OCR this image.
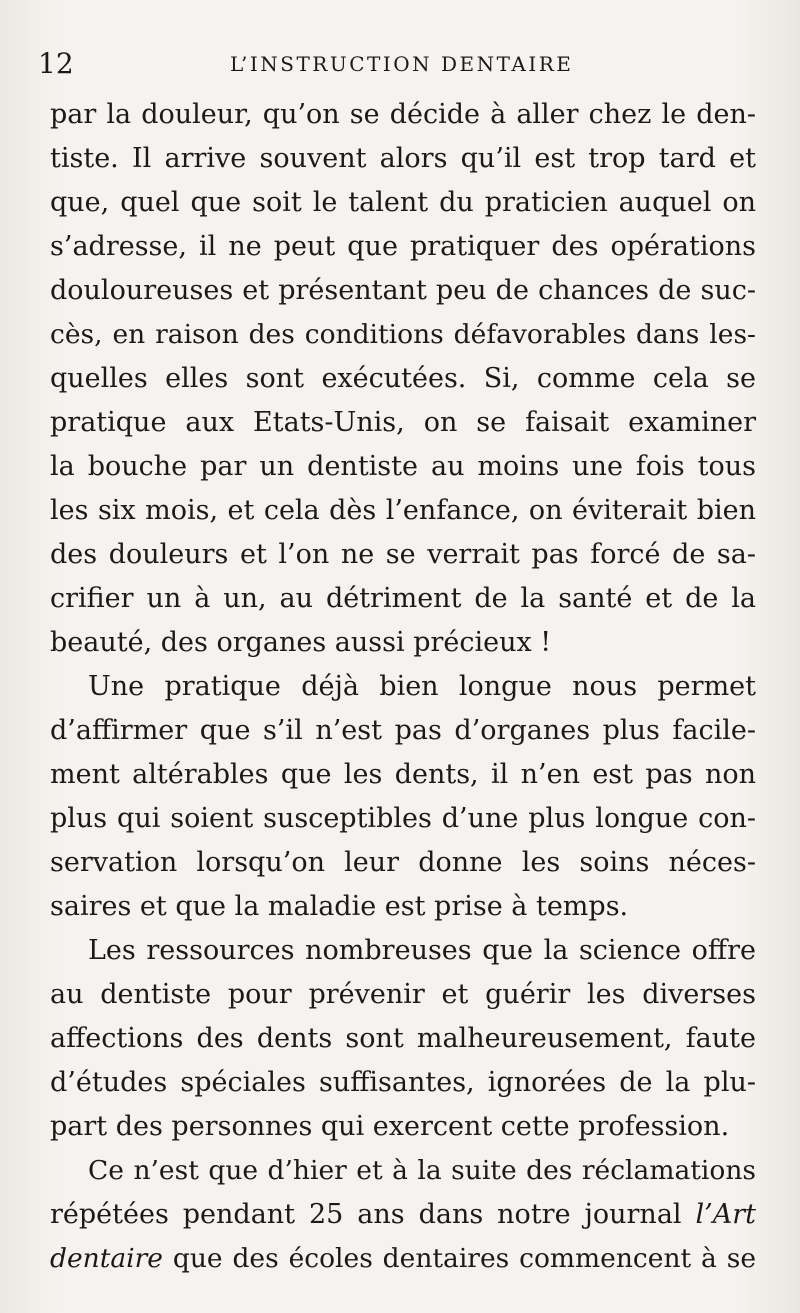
12	L’INSTRUCTION DENTAIRE
par la douleur, qu’on se décide à aller chez le den-
tiste. Il arrive souvent alors qu’il est trop tard et
que, quel que soit le talent du praticien auquel on
s’adresse, il ne peut que pratiquer des opérations
douloureuses et présentant peu de chances de suc-
cès, en raison des conditions défavorables dans les-
quelles elles sont exécutées. Si, comme cela se
pratique aux Etats-Unis, on se faisait examiner
la bouche par un dentiste au moins une fois tous
les six mois, et cela dès l’enfance, on éviterait bien
des douleurs et l’on ne se verrait pas forcé de sa-
crifier un à un, au détriment de la santé et de la
beauté, des organes aussi précieux !
Une pratique déjà bien longue nous permet
d’affirmer que s’il n’est pas d’organes plus facile-
ment altérables que les dents, il n’en est pas non
plus qui soient susceptibles d’une plus longue con-
servation lorsqu’on leur donne les soins néces-
saires et que la maladie est prise à temps.
Les ressources nombreuses que la science offre
au dentiste pour prévenir et guérir les diverses
affections des dents sont malheureusement, faute
d’études spéciales suffisantes, ignorées de la plu-
part des personnes qui exercent cette profession.
Ce n’est que d’hier et à la suite des réclamations
répétées pendant 25 ans dans notre journal l’Art
dentaire que des écoles dentaires commencent à se
